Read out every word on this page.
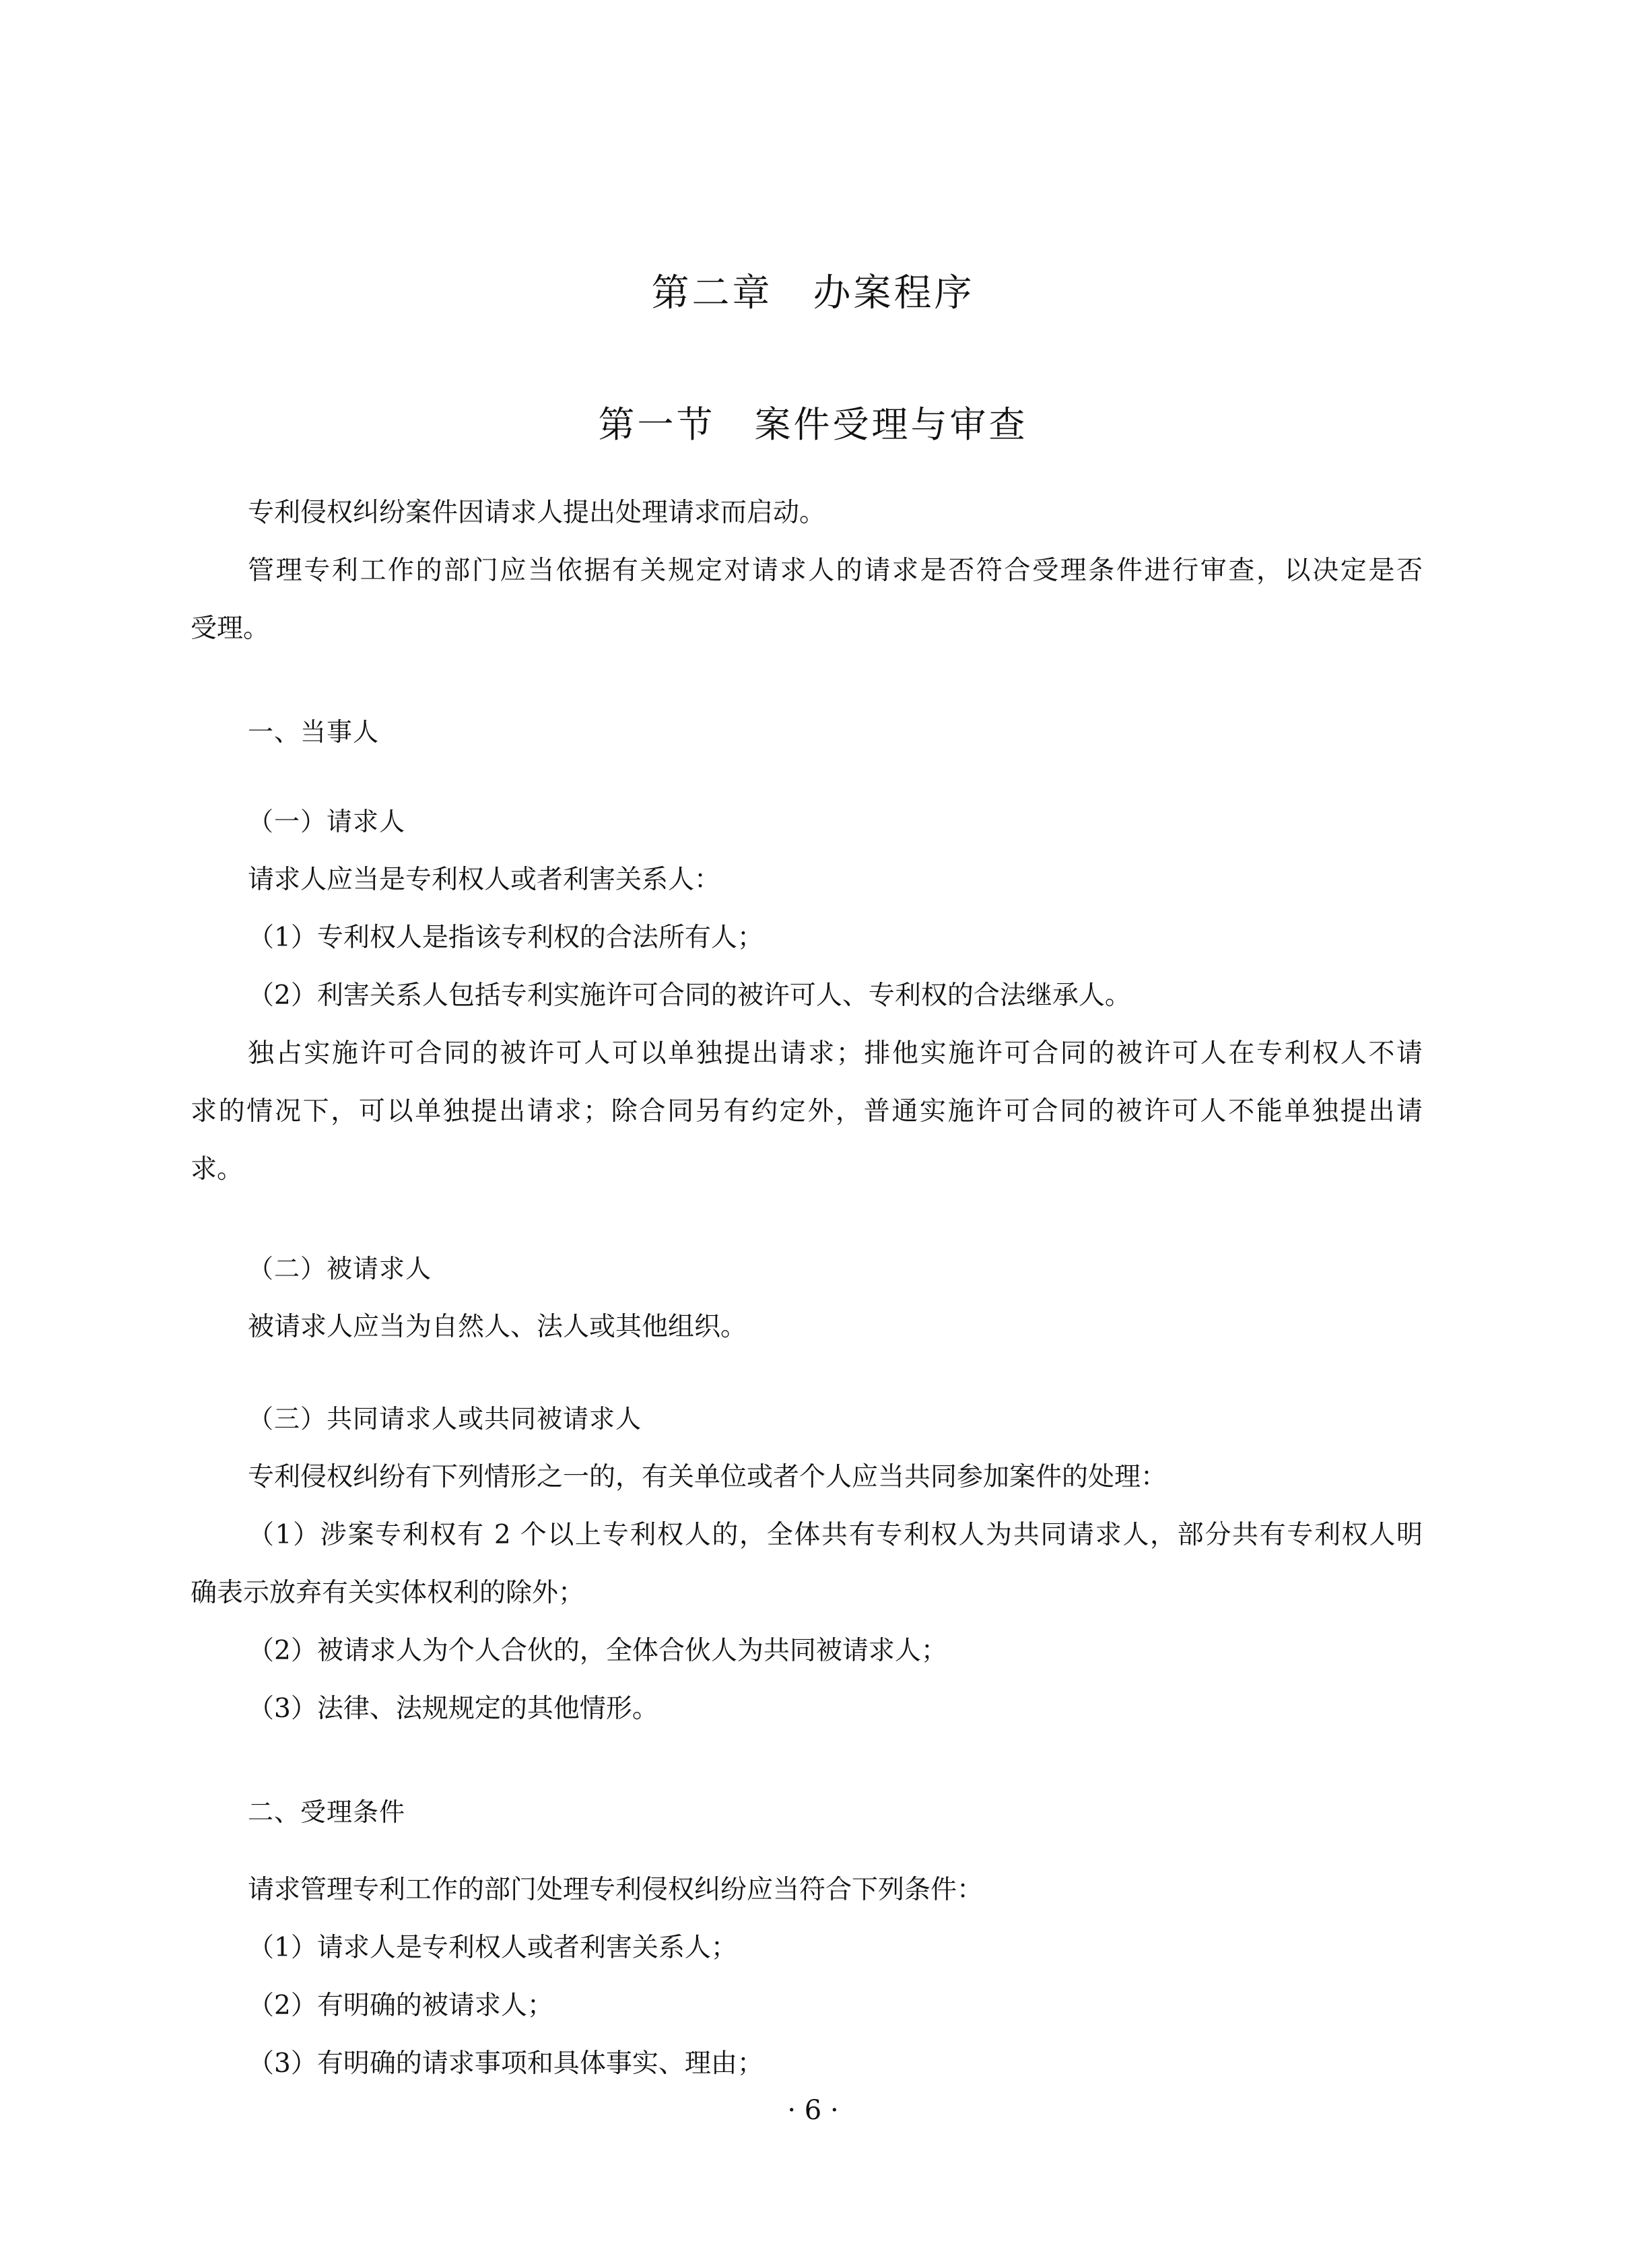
第二章　办案程序
第一节　案件受理与审查
专利侵权纠纷案件因请求人提出处理请求而启动。
管理专利工作的部门应当依据有关规定对请求人的请求是否符合受理条件进行审查，以决定是否
受理。
一、当事人
（一）请求人
请求人应当是专利权人或者利害关系人：
（1）专利权人是指该专利权的合法所有人；
（2）利害关系人包括专利实施许可合同的被许可人、专利权的合法继承人。
独占实施许可合同的被许可人可以单独提出请求；排他实施许可合同的被许可人在专利权人不请
求的情况下，可以单独提出请求；除合同另有约定外，普通实施许可合同的被许可人不能单独提出请
求。
（二）被请求人
被请求人应当为自然人、法人或其他组织。
（三）共同请求人或共同被请求人
专利侵权纠纷有下列情形之一的，有关单位或者个人应当共同参加案件的处理：
（1）涉案专利权有 2 个以上专利权人的，全体共有专利权人为共同请求人，部分共有专利权人明
确表示放弃有关实体权利的除外；
（2）被请求人为个人合伙的，全体合伙人为共同被请求人；
（3）法律、法规规定的其他情形。
二、受理条件
请求管理专利工作的部门处理专利侵权纠纷应当符合下列条件：
（1）请求人是专利权人或者利害关系人；
（2）有明确的被请求人；
（3）有明确的请求事项和具体事实、理由；
· 6 ·
